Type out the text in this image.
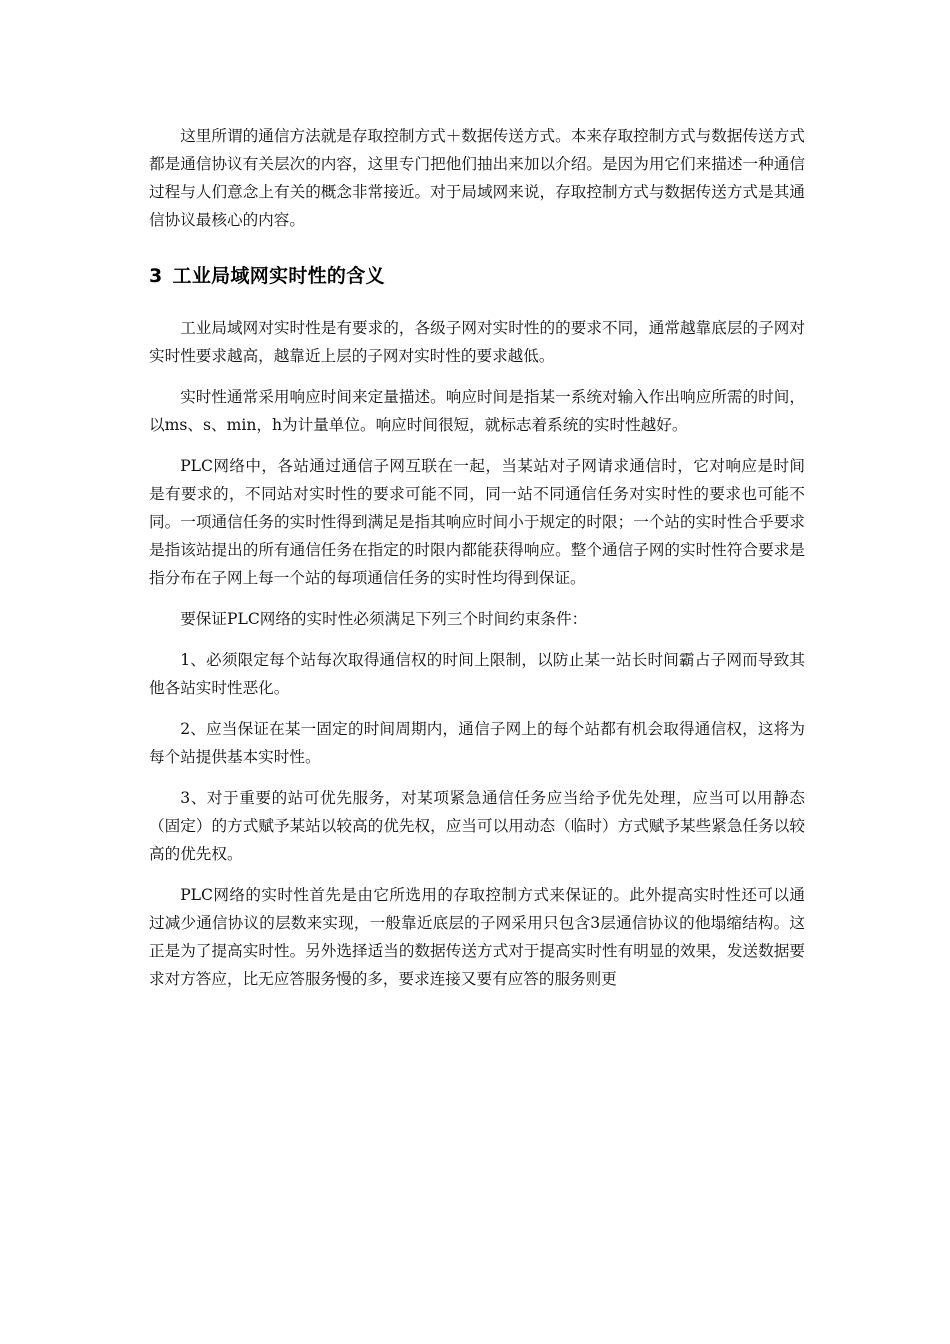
这里所谓的通信方法就是存取控制方式＋数据传送方式。本来存取控制方式与数据传送方式都是通信协议有关层次的内容，这里专门把他们抽出来加以介绍。是因为用它们来描述一种通信过程与人们意念上有关的概念非常接近。对于局域网来说，存取控制方式与数据传送方式是其通信协议最核心的内容。

3 工业局域网实时性的含义

工业局域网对实时性是有要求的，各级子网对实时性的的要求不同，通常越靠底层的子网对实时性要求越高，越靠近上层的子网对实时性的要求越低。

实时性通常采用响应时间来定量描述。响应时间是指某一系统对输入作出响应所需的时间，以ms、s、min，h为计量单位。响应时间很短，就标志着系统的实时性越好。

PLC网络中，各站通过通信子网互联在一起，当某站对子网请求通信时，它对响应是时间是有要求的，不同站对实时性的要求可能不同，同一站不同通信任务对实时性的要求也可能不同。一项通信任务的实时性得到满足是指其响应时间小于规定的时限；一个站的实时性合乎要求是指该站提出的所有通信任务在指定的时限内都能获得响应。整个通信子网的实时性符合要求是指分布在子网上每一个站的每项通信任务的实时性均得到保证。

要保证PLC网络的实时性必须满足下列三个时间约束条件：

1、必须限定每个站每次取得通信权的时间上限制，以防止某一站长时间霸占子网而导致其他各站实时性恶化。

2、应当保证在某一固定的时间周期内，通信子网上的每个站都有机会取得通信权，这将为每个站提供基本实时性。

3、对于重要的站可优先服务，对某项紧急通信任务应当给予优先处理，应当可以用静态（固定）的方式赋予某站以较高的优先权，应当可以用动态（临时）方式赋予某些紧急任务以较高的优先权。

PLC网络的实时性首先是由它所选用的存取控制方式来保证的。此外提高实时性还可以通过减少通信协议的层数来实现，一般靠近底层的子网采用只包含3层通信协议的他塌缩结构。这正是为了提高实时性。另外选择适当的数据传送方式对于提高实时性有明显的效果，发送数据要求对方答应，比无应答服务慢的多，要求连接又要有应答的服务则更
